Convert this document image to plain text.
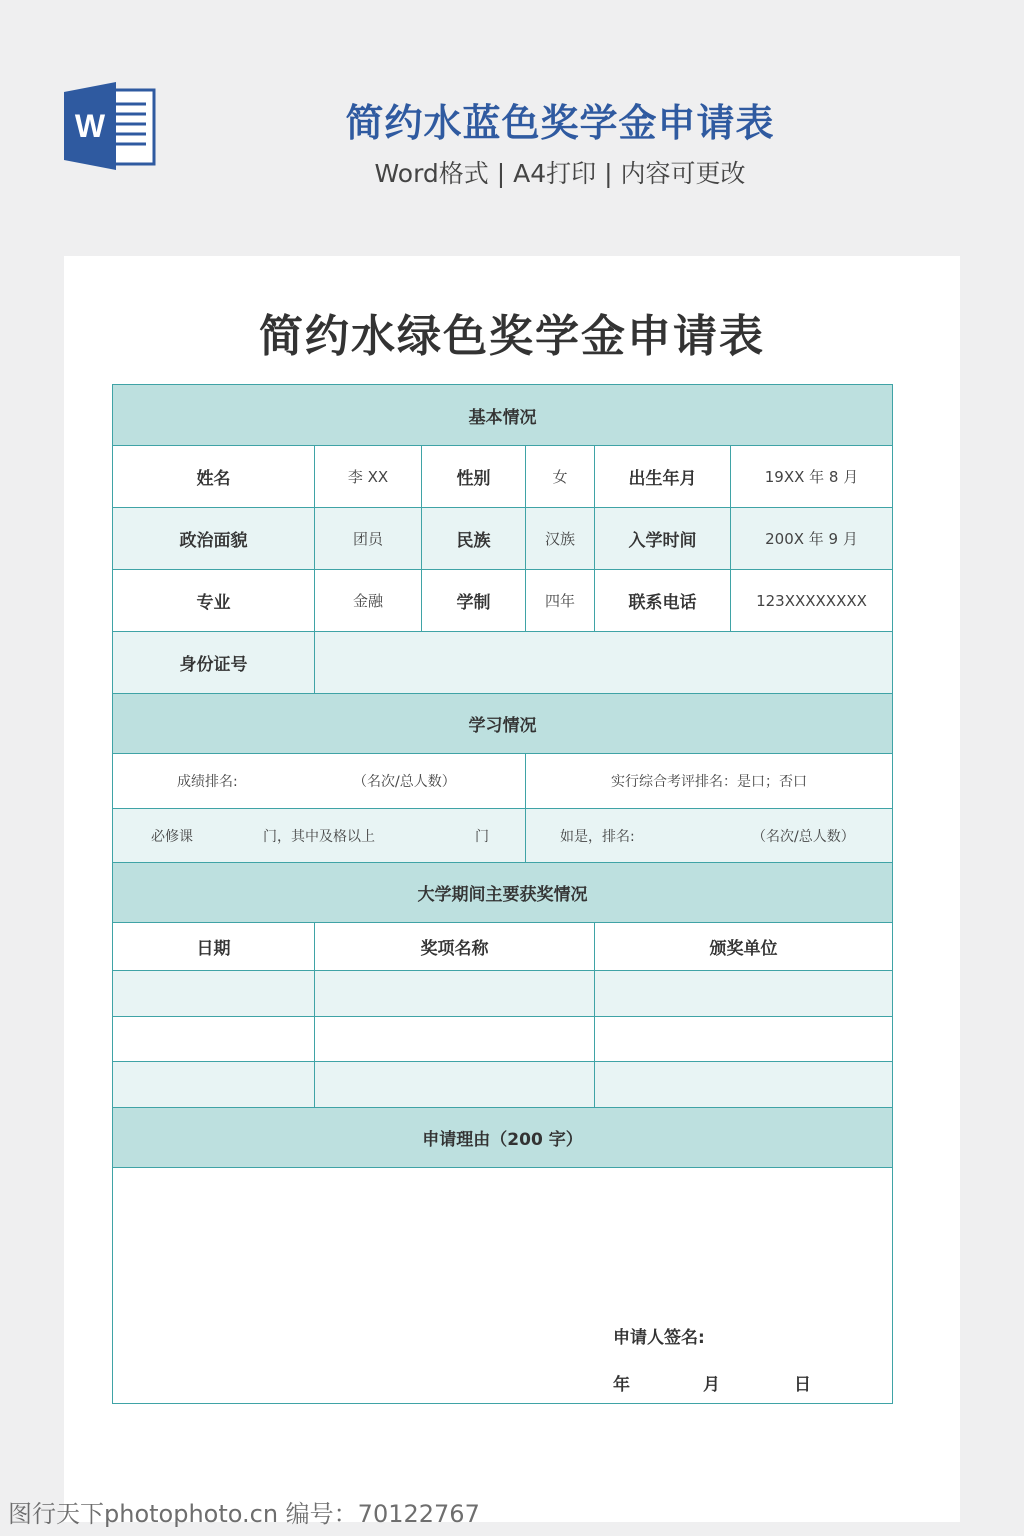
W	简约水蓝色奖学金申请表
Word格式 | A4打印 | 内容可更改
简约水绿色奖学金申请表
基本情况
姓名	李 XX	性别	女	出生年月	19XX 年 8 月
政治面貌	团员	民族	汉族	入学时间	200X 年 9 月
专业	金融	学制	四年	联系电话	123XXXXXXXX
身份证号
学习情况
成绩排名:	（名次/总人数）	实行综合考评排名：是口；否口
必修课	门，其中及格以上	门	如是，排名:	（名次/总人数）
大学期间主要获奖情况
日期	奖项名称	颁奖单位
申请理由（200 字）
申请人签名:
年	月	日
图行天下photophoto.cn 编号：70122767
